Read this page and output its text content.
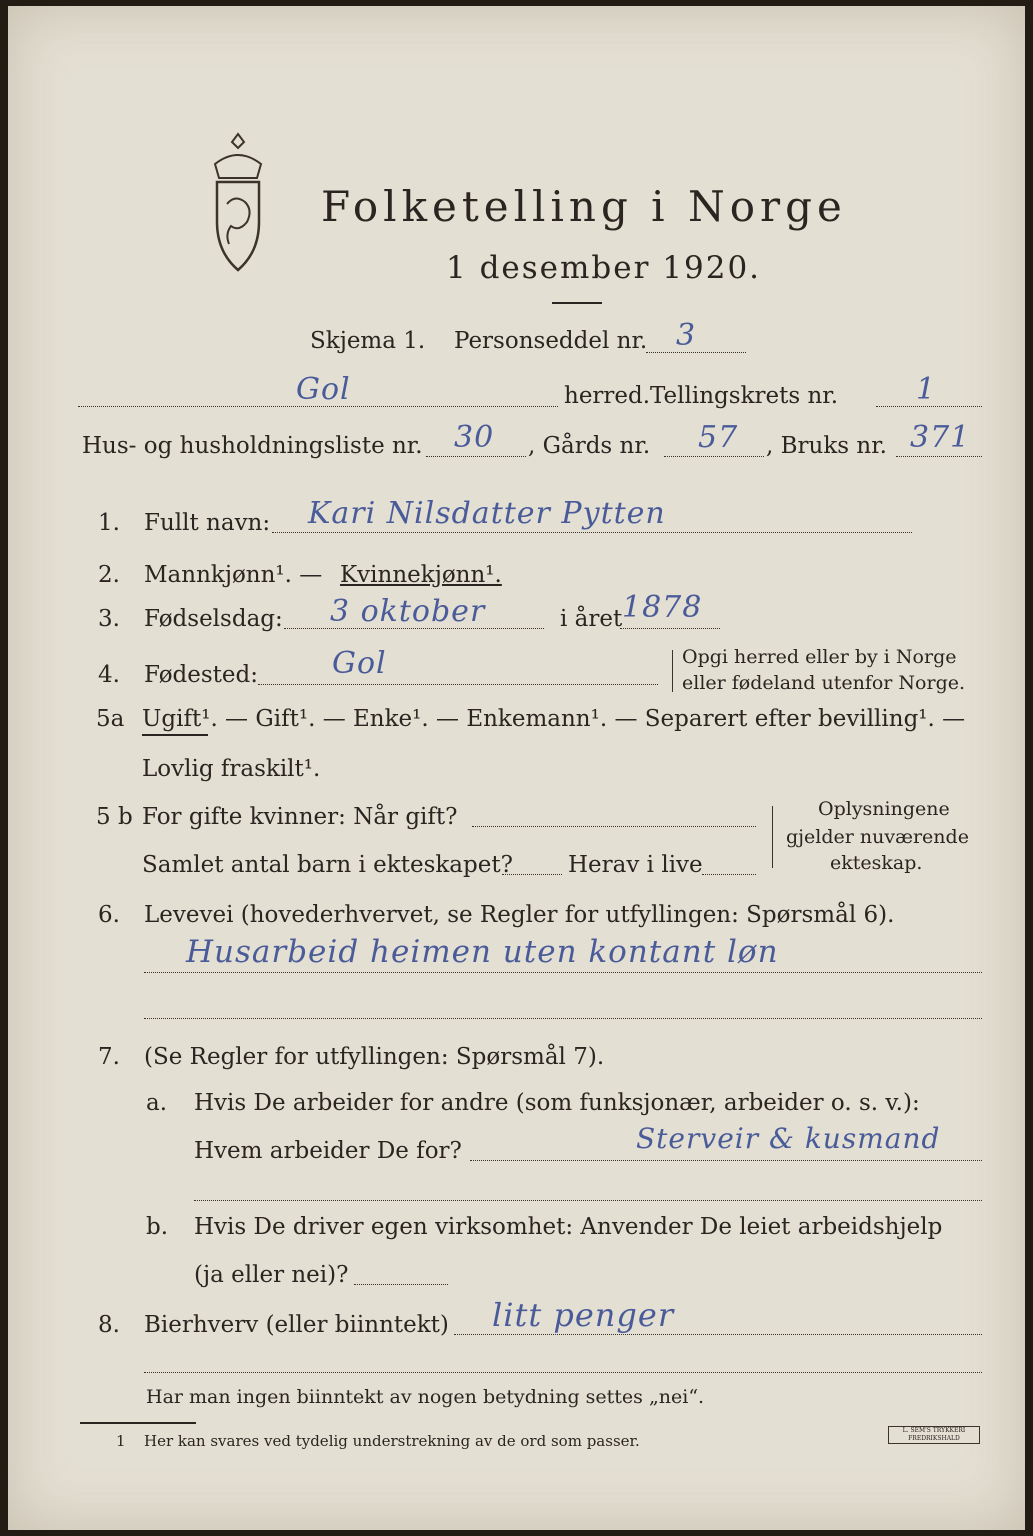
Folketelling i Norge
1 desember 1920.
Skjema 1. Personseddel nr. 3
Gol	herred. Tellingskrets nr.	1
Hus- og husholdningsliste nr. 30 , Gårds nr. 57 , Bruks nr. 371
1. Fullt navn: Kari Nilsdatter Pytten
2. Mannkjønn¹. — Kvinnekjønn¹.
3. Fødselsdag: 3 oktober	i året 1878
4. Fødested: Gol	Opgi herred eller by i Norge
eller fødeland utenfor Norge.
5a Ugift¹. — Gift¹. — Enke¹. — Enkemann¹. — Separert efter bevilling¹. —
Lovlig fraskilt¹.
5 b For gifte kvinner: Når gift?
Samlet antal barn i ekteskapet? Herav i live
Oplysningene
gjelder nuværende
ekteskap.
6. Levevei (hovederhvervet, se Regler for utfyllingen: Spørsmål 6).
Husarbeid heimen uten kontant løn
7. (Se Regler for utfyllingen: Spørsmål 7).
a. Hvis De arbeider for andre (som funksjonær, arbeider o. s. v.):
Hvem arbeider De for?	Sterveir & kusmand
b. Hvis De driver egen virksomhet: Anvender De leiet arbeidshjelp
(ja eller nei)?
8. Bierhverv (eller biinntekt) litt penger
Har man ingen biinntekt av nogen betydning settes „nei“.
1 Her kan svares ved tydelig understrekning av de ord som passer.
L. SEM'S TRYKKERI FREDRIKSHALD
